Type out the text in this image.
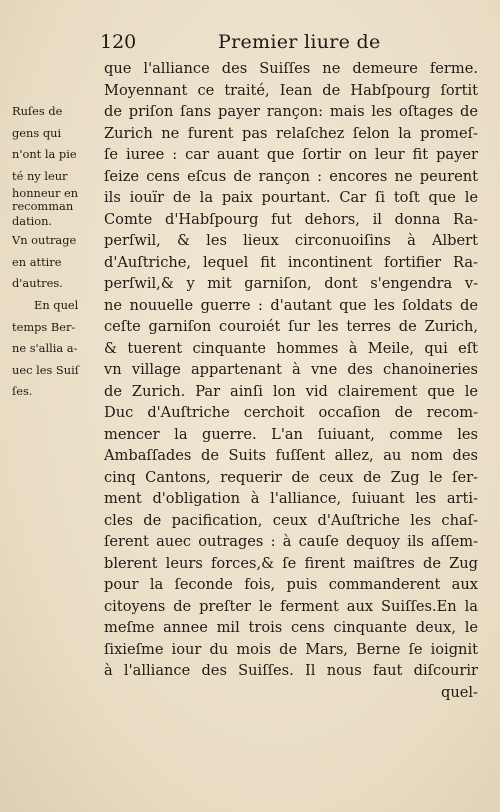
120	Premier liure de
Ruſes de
gens qui
n'ont la pie
té ny leur
honneur en
recomman
dation.
Vn outrage
en attire
d'autres.
En quel
temps Ber-
ne s'allia a-
uec les Suiſ
ſes.
que l'alliance des Suiſſes ne demeure ferme.
Moyennant ce traité, Iean de Habſpourg ſortit
de priſon ſans payer rançon: mais les oſtages de
Zurich ne furent pas relaſchez ſelon la promeſ-
ſe iuree : car auant que ſortir on leur fit payer
ſeize cens eſcus de rançon : encores ne peurent
ils iouïr de la paix pourtant. Car ſi toſt que le
Comte d'Habſpourg fut dehors, il donna Ra-
perſwil, & les lieux circonuoiſins à Albert
d'Auſtriche, lequel fit incontinent fortifier Ra-
perſwil,& y mit garniſon, dont s'engendra v-
ne nouuelle guerre : d'autant que les ſoldats de
ceſte garniſon couroiét ſur les terres de Zurich,
& tuerent cinquante hommes à Meile, qui eſt
vn village appartenant à vne des chanoineries
de Zurich. Par ainſi lon vid clairement que le
Duc d'Auſtriche cerchoit occaſion de recom-
mencer la guerre. L'an ſuiuant, comme les
Ambaſſades de Suits fuſſent allez, au nom des
cinq Cantons, requerir de ceux de Zug le ſer-
ment d'obligation à l'alliance, ſuiuant les arti-
cles de pacification, ceux d'Auſtriche les chaſ-
ſerent auec outrages : à cauſe dequoy ils aſſem-
blerent leurs forces,& ſe firent maiſtres de Zug
pour la ſeconde fois, puis commanderent aux
citoyens de preſter le ferment aux Suiſſes.En la
meſme annee mil trois cens cinquante deux, le
ſixieſme iour du mois de Mars, Berne ſe ioignit
à l'alliance des Suiſſes. Il nous faut diſcourir
quel-
